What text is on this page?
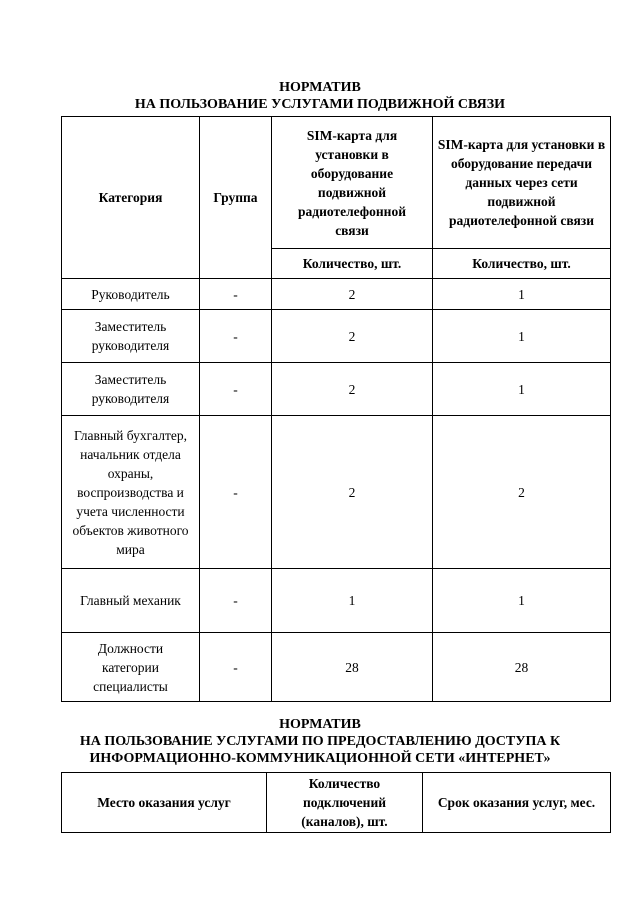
НОРМАТИВ
НА ПОЛЬЗОВАНИЕ УСЛУГАМИ ПОДВИЖНОЙ СВЯЗИ
Категория	Группа	SIM-карта для установки в оборудование подвижной радиотелефонной связи	SIM-карта для установки в оборудование передачи данных через сети подвижной радиотелефонной связи
		Количество, шт.	Количество, шт.
Руководитель	-	2	1
Заместитель руководителя	-	2	1
Заместитель руководителя	-	2	1
Главный бухгалтер, начальник отдела охраны, воспроизводства и учета численности объектов животного мира	-	2	2
Главный механик	-	1	1
Должности категории специалисты	-	28	28
НОРМАТИВ
НА ПОЛЬЗОВАНИЕ УСЛУГАМИ ПО ПРЕДОСТАВЛЕНИЮ ДОСТУПА К
ИНФОРМАЦИОННО-КОММУНИКАЦИОННОЙ СЕТИ «ИНТЕРНЕТ»
Место оказания услуг	Количество подключений (каналов), шт.	Срок оказания услуг, мес.
